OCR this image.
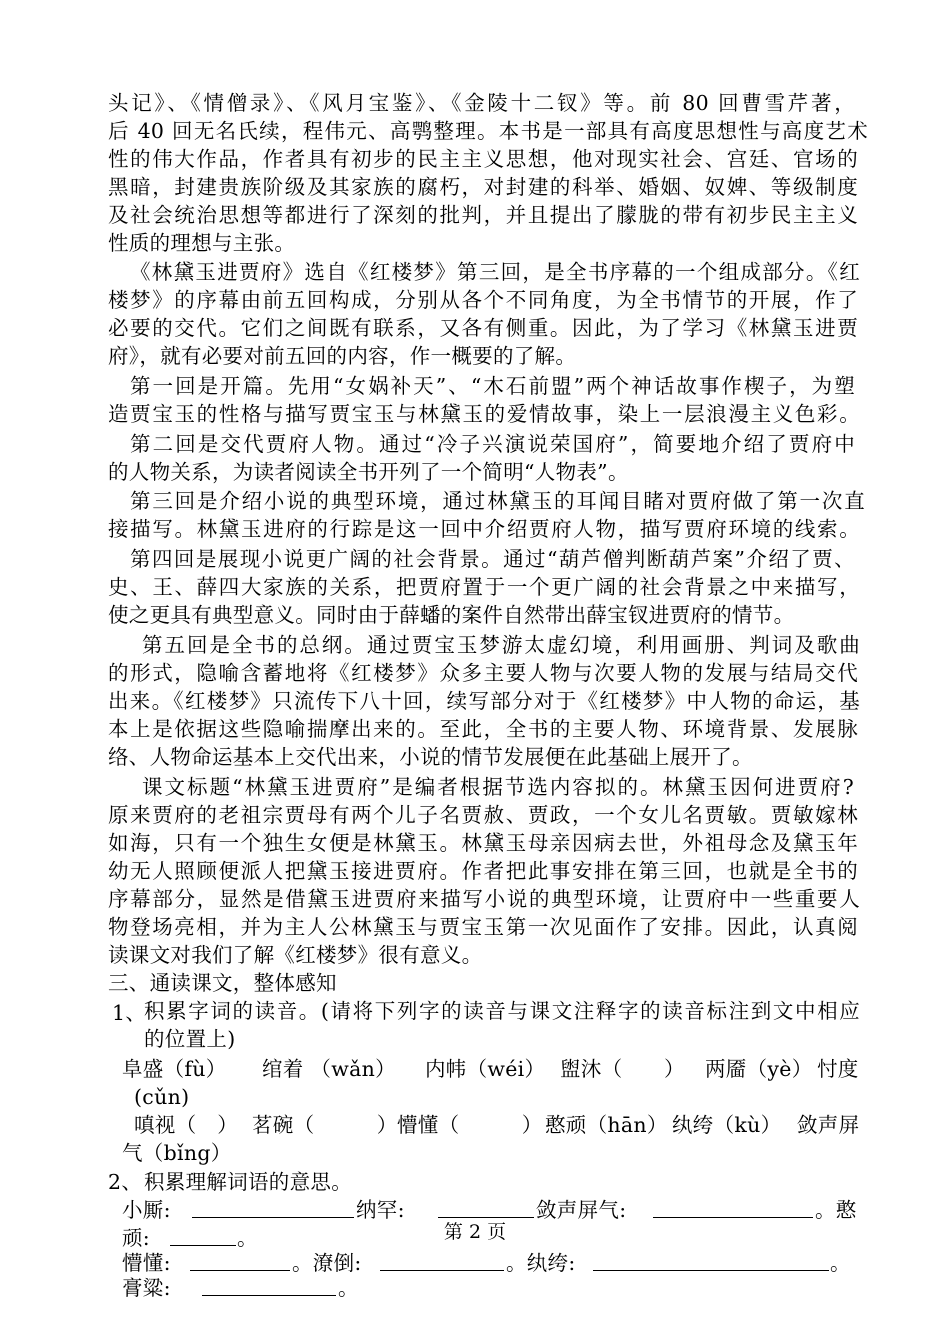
头记》、《情僧录》、《风月宝鉴》、《金陵十二钗》等。前 80 回曹雪芹著，
后 40 回无名氏续，程伟元、高鹗整理。本书是一部具有高度思想性与高度艺术
性的伟大作品，作者具有初步的民主主义思想，他对现实社会、宫廷、官场的
黑暗，封建贵族阶级及其家族的腐朽，对封建的科举、婚姻、奴婢、等级制度
及社会统治思想等都进行了深刻的批判，并且提出了朦胧的带有初步民主主义
性质的理想与主张。
《林黛玉进贾府》选自《红楼梦》第三回，是全书序幕的一个组成部分。《红
楼梦》的序幕由前五回构成，分别从各个不同角度，为全书情节的开展，作了
必要的交代。它们之间既有联系，又各有侧重。因此，为了学习《林黛玉进贾
府》，就有必要对前五回的内容，作一概要的了解。
第一回是开篇。先用“女娲补天”、“木石前盟”两个神话故事作楔子，为塑
造贾宝玉的性格与描写贾宝玉与林黛玉的爱情故事，染上一层浪漫主义色彩。
第二回是交代贾府人物。通过“冷子兴演说荣国府”，简要地介绍了贾府中
的人物关系，为读者阅读全书开列了一个简明“人物表”。
第三回是介绍小说的典型环境，通过林黛玉的耳闻目睹对贾府做了第一次直
接描写。林黛玉进府的行踪是这一回中介绍贾府人物，描写贾府环境的线索。
第四回是展现小说更广阔的社会背景。通过“葫芦僧判断葫芦案”介绍了贾、
史、王、薛四大家族的关系，把贾府置于一个更广阔的社会背景之中来描写，
使之更具有典型意义。同时由于薛蟠的案件自然带出薛宝钗进贾府的情节。
第五回是全书的总纲。通过贾宝玉梦游太虚幻境，利用画册、判词及歌曲
的形式，隐喻含蓄地将《红楼梦》众多主要人物与次要人物的发展与结局交代
出来。《红楼梦》只流传下八十回，续写部分对于《红楼梦》中人物的命运，基
本上是依据这些隐喻揣摩出来的。至此，全书的主要人物、环境背景、发展脉
络、人物命运基本上交代出来，小说的情节发展便在此基础上展开了。
课文标题“林黛玉进贾府”是编者根据节选内容拟的。林黛玉因何进贾府?
原来贾府的老祖宗贾母有两个儿子名贾赦、贾政，一个女儿名贾敏。贾敏嫁林
如海，只有一个独生女便是林黛玉。林黛玉母亲因病去世，外祖母念及黛玉年
幼无人照顾便派人把黛玉接进贾府。作者把此事安排在第三回，也就是全书的
序幕部分，显然是借黛玉进贾府来描写小说的典型环境，让贾府中一些重要人
物登场亮相，并为主人公林黛玉与贾宝玉第一次见面作了安排。因此，认真阅
读课文对我们了解《红楼梦》很有意义。
三、通读课文，整体感知
1、
积累字词的读音。(请将下列字的读音与课文注释字的读音标注到文中相应
的位置上)
阜盛（fù）	绾着 （wǎn） 内帏（wéi） 盥沐（　　） 两靥（yè） 忖度
(cǔn)
嗔视（　） 茗碗（　　　） 懵懂（　　　） 憨顽（hān） 纨绔（kù） 敛声屏
气（bǐng）
2、 积累理解词语的意思。
小厮:	纳罕:	敛声屏气:	。憨
顽:	。
懵懂:	。潦倒:	。纨绔:	。
膏粱:	。
第 2 页
